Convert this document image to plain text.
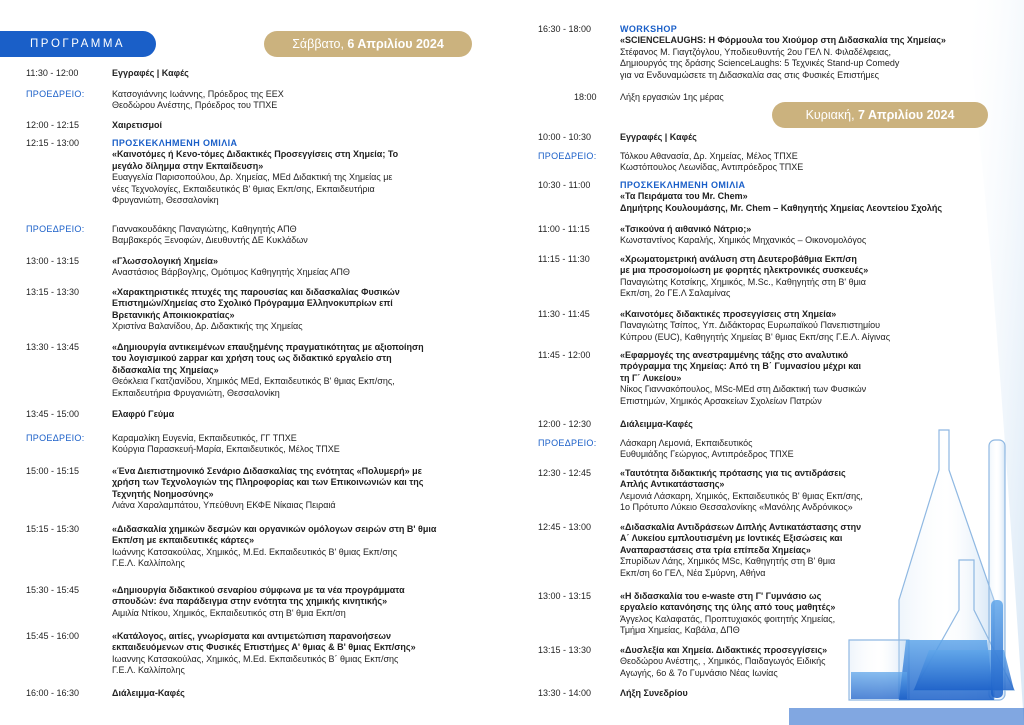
ΠΡΟΓΡΑΜΜΑ	Σάββατο, 6 Απριλίου 2024
11:30 - 12:00	Εγγραφές | Καφές
ΠΡΟΕΔΡΕΙΟ:	Κατσογιάννης Ιωάννης, Πρόεδρος της ΕΕΧ
Θεοδώρου Ανέστης, Πρόεδρος του ΤΠΧΕ
12:00 - 12:15	Χαιρετισμοί
12:15 - 13:00	ΠΡΟΣΚΕΚΛΗΜΕΝΗ ΟΜΙΛΙΑ
«Καινοτόμες ή Κενο-τόμες Διδακτικές Προσεγγίσεις στη Χημεία; Το
μεγάλο δίλημμα στην Εκπαίδευση»
Ευαγγελία Παρισοπούλου, Δρ. Χημείας, MEd Διδακτική της Χημείας με
νέες Τεχνολογίες, Εκπαιδευτικός Β' θμιας Εκπ/σης, Εκπαιδευτήρια
Φρυγανιώτη, Θεσσαλονίκη
ΠΡΟΕΔΡΕΙΟ:	Γιαννακουδάκης Παναγιώτης, Καθηγητής ΑΠΘ
Βαμβακερός Ξενοφών, Διευθυντής ΔΕ Κυκλάδων
13:00 - 13:15	«Γλωσσολογική Χημεία»
Αναστάσιος Βάρβογλης, Ομότιμος Καθηγητής Χημείας ΑΠΘ
13:15 - 13:30	«Χαρακτηριστικές πτυχές της παρουσίας και διδασκαλίας Φυσικών
Επιστημών/Χημείας στο Σχολικό Πρόγραμμα Ελληνοκυπρίων επί
Βρετανικής Αποικιοκρατίας»
Χριστίνα Βαλανίδου, Δρ. Διδακτικής της Χημείας
13:30 - 13:45	«Δημιουργία αντικειμένων επαυξημένης πραγματικότητας με αξιοποίηση
του λογισμικού zappar και χρήση τους ως διδακτικό εργαλείο στη
διδασκαλία της Χημείας»
Θεόκλεια Γκατζιανίδου, Χημικός MEd, Εκπαιδευτικός Β' θμιας Εκπ/σης,
Εκπαιδευτήρια Φρυγανιώτη, Θεσσαλονίκη
13:45 - 15:00	Ελαφρύ Γεύμα
ΠΡΟΕΔΡΕΙΟ:	Καραμαλίκη Ευγενία, Εκπαιδευτικός, ΓΓ ΤΠΧΕ
Κούργια Παρασκευή-Μαρία, Εκπαιδευτικός, Μέλος ΤΠΧΕ
15:00 - 15:15	«Ένα Διεπιστημονικό Σενάριο Διδασκαλίας της ενότητας «Πολυμερή» με
χρήση των Τεχνολογιών της Πληροφορίας και των Επικοινωνιών και της
Τεχνητής Νοημοσύνης»
Λιάνα Χαραλαμπάτου, Υπεύθυνη ΕΚΦΕ Νίκαιας Πειραιά
15:15 - 15:30	«Διδασκαλία χημικών δεσμών και οργανικών ομόλογων σειρών στη Β' θμια
Εκπ/ση με εκπαιδευτικές κάρτες»
Ιωάννης Κατσακούλας, Χημικός, M.Ed. Εκπαιδευτικός Β' θμιας Εκπ/σης
Γ.Ε.Λ. Καλλίπολης
15:30 - 15:45	«Δημιουργία διδακτικού σεναρίου σύμφωνα με τα νέα προγράμματα
σπουδών: ένα παράδειγμα στην ενότητα της χημικής κινητικής»
Αιμιλία Ντίκου, Χημικός, Εκπαιδευτικός στη Β' θμια Εκπ/ση
15:45 - 16:00	«Κατάλογος, αιτίες, γνωρίσματα και αντιμετώπιση παρανοήσεων
εκπαιδευόμενων στις Φυσικές Επιστήμες Α' θμιας & Β' θμιας Εκπ/σης»
Ιωαννης Κατσακούλας, Χημικός, M.Ed. Εκπαιδευτικός Β΄ θμιας Εκπ/σης
Γ.Ε.Λ. Καλλίπολης
16:00 - 16:30	Διάλειμμα-Καφές
Κυριακή, 7 Απριλίου 2024
16:30 - 18:00	WORKSHOP
«SCIENCELAUGHS: Η Φόρμουλα του Χιούμορ στη Διδασκαλία της Χημείας»
Στέφανος Μ. Γιαγτζόγλου, Υποδιευθυντής 2ου ΓΕΛ Ν. Φιλαδέλφειας,
Δημιουργός της δράσης ScienceLaughs: 5 Τεχνικές Stand-up Comedy
για να Ενδυναμώσετε τη Διδασκαλία σας στις Φυσικές Επιστήμες
18:00	Λήξη εργασιών 1ης μέρας
10:00 - 10:30	Εγγραφές | Καφές
ΠΡΟΕΔΡΕΙΟ:	Τόλκου Αθανασία, Δρ. Χημείας, Μέλος ΤΠΧΕ
Κωστόπουλος Λεωνίδας, Αντιπρόεδρος ΤΠΧΕ
10:30 - 11:00	ΠΡΟΣΚΕΚΛΗΜΕΝΗ ΟΜΙΛΙΑ
«Τα Πειράματα του Mr. Chem»
Δημήτρης Κουλουμάσης, Mr. Chem – Καθηγητής Χημείας Λεοντείου Σχολής
11:00 - 11:15	«Τσικούνα ή αιθανικό Νάτριο;»
Κωνσταντίνος Καραλής, Χημικός Μηχανικός – Οικονομολόγος
11:15 - 11:30	«Χρωματομετρική ανάλυση στη Δευτεροβάθμια Εκπ/ση
με μια προσομοίωση με φορητές ηλεκτρονικές συσκευές»
Παναγιώτης Κοτσίκης, Χημικός, M.Sc., Καθηγητής στη Β' θμια
Εκπ/ση, 2ο ΓΕ.Λ Σαλαμίνας
11:30 - 11:45	«Καινοτόμες διδακτικές προσεγγίσεις στη Χημεία»
Παναγιώτης Τσίπος, Υπ. Διδάκτορας Ευρωπαϊκού Πανεπιστημίου
Κύπρου (EUC), Καθηγητής Χημείας Β' θμιας Εκπ/σης Γ.Ε.Λ. Αίγινας
11:45 - 12:00	«Εφαρμογές της ανεστραμμένης τάξης στο αναλυτικό
πρόγραμμα της Χημείας: Από τη Β΄ Γυμνασίου μέχρι και
τη Γ΄ Λυκείου»
Νίκος Γιαννακόπουλος, MSc-MEd στη Διδακτική των Φυσικών
Επιστημών, Χημικός Αρσακείων Σχολείων Πατρών
12:00 - 12:30	Διάλειμμα-Καφές
ΠΡΟΕΔΡΕΙΟ:	Λάσκαρη Λεμονιά, Εκπαιδευτικός
Ευθυμιάδης Γεώργιος, Αντιπρόεδρος ΤΠΧΕ
12:30 - 12:45	«Ταυτότητα διδακτικής πρότασης για τις αντιδράσεις
Απλής Αντικατάστασης»
Λεμονιά Λάσκαρη, Χημικός, Εκπαιδευτικός Β' θμιας Εκπ/σης,
1ο Πρότυπο Λύκειο Θεσσαλονίκης «Μανόλης Ανδρόνικος»
12:45 - 13:00	«Διδασκαλία Αντιδράσεων Διπλής Αντικατάστασης στην
Α΄ Λυκείου εμπλουτισμένη με Ιοντικές Εξισώσεις και
Αναπαραστάσεις στα τρία επίπεδα Χημείας»
Σπυρίδων Λάης, Χημικός MSc, Καθηγητής στη Β' θμια
Εκπ/ση 6ο ΓΕΛ, Νέα Σμύρνη, Αθήνα
13:00 - 13:15	«Η διδασκαλία του e-waste στη Γ' Γυμνάσιο ως
εργαλείο κατανόησης της ύλης από τους μαθητές»
Άγγελος Καλαφατάς, Προπτυχιακός φοιτητής Χημείας,
Τμήμα Χημείας, Καβάλα, ΔΠΘ
13:15 - 13:30	«Δυσλεξία και Χημεία. Διδακτικές προσεγγίσεις»
Θεοδώρου Ανέστης, , Χημικός, Παιδαγωγός Ειδικής
Αγωγής, 6ο & 7ο Γυμνάσιο Νέας Ιωνίας
13:30 - 14:00	Λήξη Συνεδρίου
